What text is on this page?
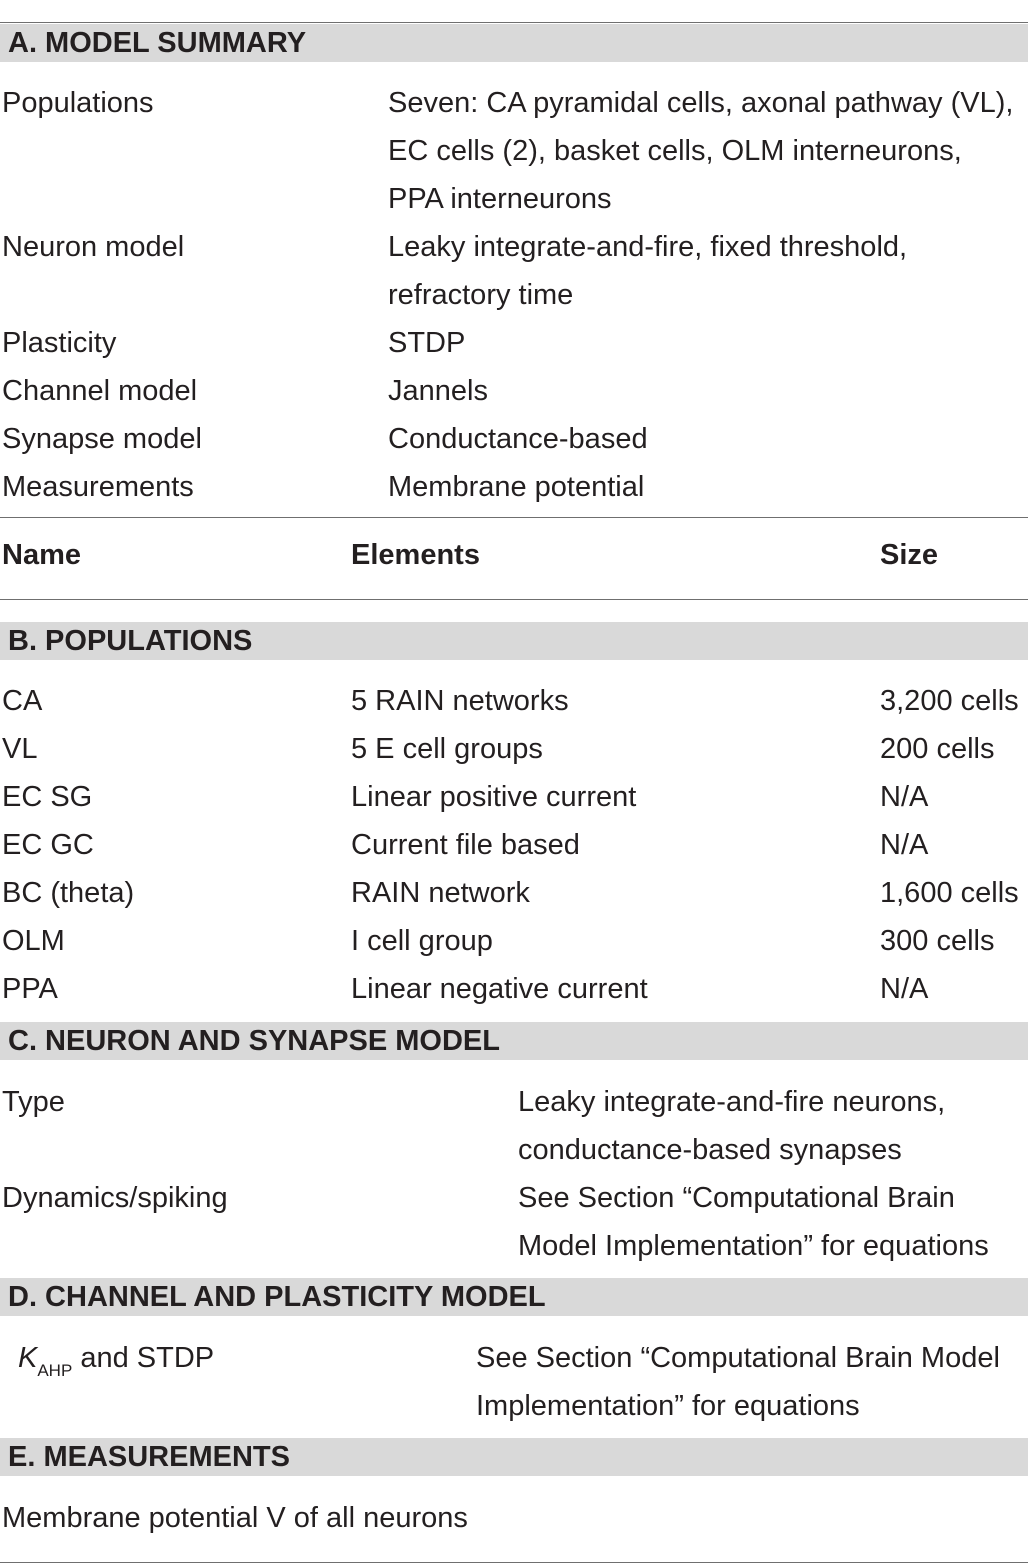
A. MODEL SUMMARY
Populations	Seven: CA pyramidal cells, axonal pathway (VL),
EC cells (2), basket cells, OLM interneurons,
PPA interneurons
Neuron model	Leaky integrate-and-fire, fixed threshold,
refractory time
Plasticity	STDP
Channel model	Jannels
Synapse model	Conductance-based
Measurements	Membrane potential
Name	Elements	Size
B. POPULATIONS
CA	5 RAIN networks	3,200 cells
VL	5 E cell groups	200 cells
EC SG	Linear positive current	N/A
EC GC	Current file based	N/A
BC (theta)	RAIN network	1,600 cells
OLM	I cell group	300 cells
PPA	Linear negative current	N/A
C. NEURON AND SYNAPSE MODEL
Type	Leaky integrate-and-fire neurons,
conductance-based synapses
Dynamics/spiking	See Section “Computational Brain
Model Implementation” for equations
D. CHANNEL AND PLASTICITY MODEL
$K_{AHP}$ and STDP	See Section “Computational Brain Model
Implementation” for equations
E. MEASUREMENTS
Membrane potential V of all neurons
